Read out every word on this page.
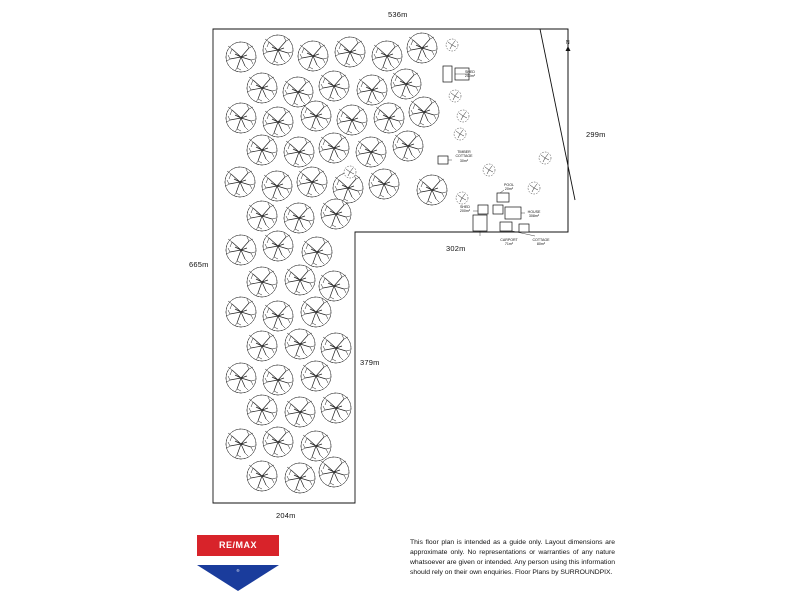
536m
299m
665m
379m
302m
204m
SHED
200m²
TIMBER
COTTAGE
30m²
POOL
20m²
SHED
200m²	HOUSE
308m²
CARPORT
71m²
COTTAGE
80m²
N
RE/MAX
®
This floor plan is intended as a guide only. Layout dimensions are approximate only. No representations or warranties of any nature whatsoever are given or intended. Any person using this information should rely on their own enquiries. Floor Plans by SURROUNDPIX.
